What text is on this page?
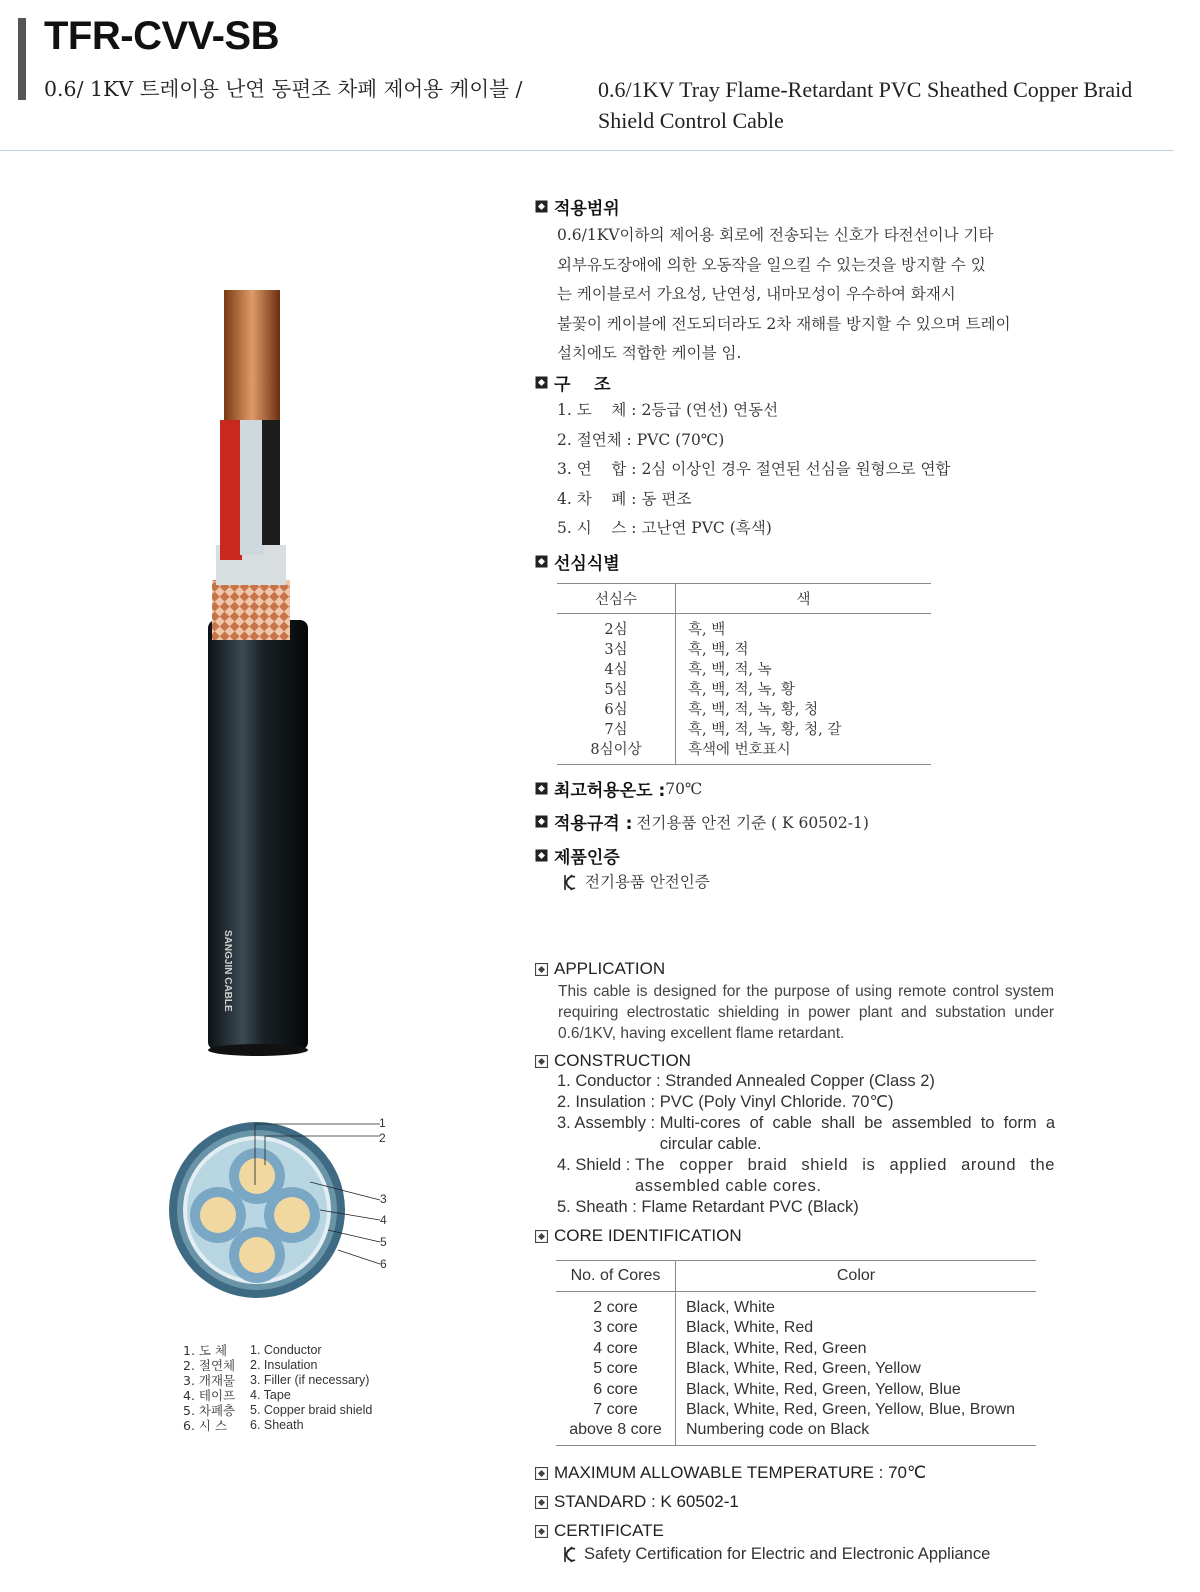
TFR-CVV-SB
0.6/ 1KV 트레이용 난연 동편조 차폐 제어용 케이블 /	0.6/1KV Tray Flame-Retardant PVC Sheathed Copper Braid Shield Control Cable
SANGJIN CABLE
1
2
3
4
5
6
1. 도 체
2. 절연체
3. 개재물
4. 테이프
5. 차폐층
6. 시 스
1. Conductor
2. Insulation
3. Filler (if necessary)
4. Tape
5. Copper braid shield
6. Sheath
적용범위
0.6/1KV이하의 제어용 회로에 전송되는 신호가 타전선이나 기타
외부유도장애에 의한 오동작을 일으킬 수 있는것을 방지할 수 있
는 케이블로서 가요성, 난연성, 내마모성이 우수하여 화재시
불꽃이 케이블에 전도되더라도 2차 재해를 방지할 수 있으며 트레이
설치에도 적합한 케이블 임.
구    조
1. 도    체 : 2등급 (연선) 연동선
2. 절연체 : PVC (70℃)
3. 연    합 : 2심 이상인 경우 절연된 선심을 원형으로 연합
4. 차    폐 : 동 편조
5. 시    스 : 고난연 PVC (흑색)
선심식별
선심수	색
2심	흑, 백
3심	흑, 백, 적
4심	흑, 백, 적, 녹
5심	흑, 백, 적, 녹, 황
6심	흑, 백, 적, 녹, 황, 청
7심	흑, 백, 적, 녹, 황, 청, 갈
8심이상	흑색에 번호표시
최고허용온도 : 70℃
적용규격 : 전기용품 안전 기준 ( K 60502-1)
제품인증
전기용품 안전인증
APPLICATION
This cable is designed for the purpose of using remote control system requiring electrostatic shielding in power plant and substation under 0.6/1KV, having excellent flame retardant.
CONSTRUCTION
1. Conductor : Stranded Annealed Copper (Class 2)
2. Insulation : PVC (Poly Vinyl Chloride. 70℃)
3. Assembly : Multi-cores of cable shall be assembled to form a circular cable.
4. Shield : The copper braid shield is applied around the assembled cable cores.
5. Sheath : Flame Retardant PVC (Black)
CORE IDENTIFICATION
No. of Cores	Color
2 core	Black, White
3 core	Black, White, Red
4 core	Black, White, Red, Green
5 core	Black, White, Red, Green, Yellow
6 core	Black, White, Red, Green, Yellow, Blue
7 core	Black, White, Red, Green, Yellow, Blue, Brown
above 8 core	Numbering code on Black
MAXIMUM ALLOWABLE TEMPERATURE : 70℃
STANDARD : K 60502-1
CERTIFICATE
Safety Certification for Electric and Electronic Appliance
